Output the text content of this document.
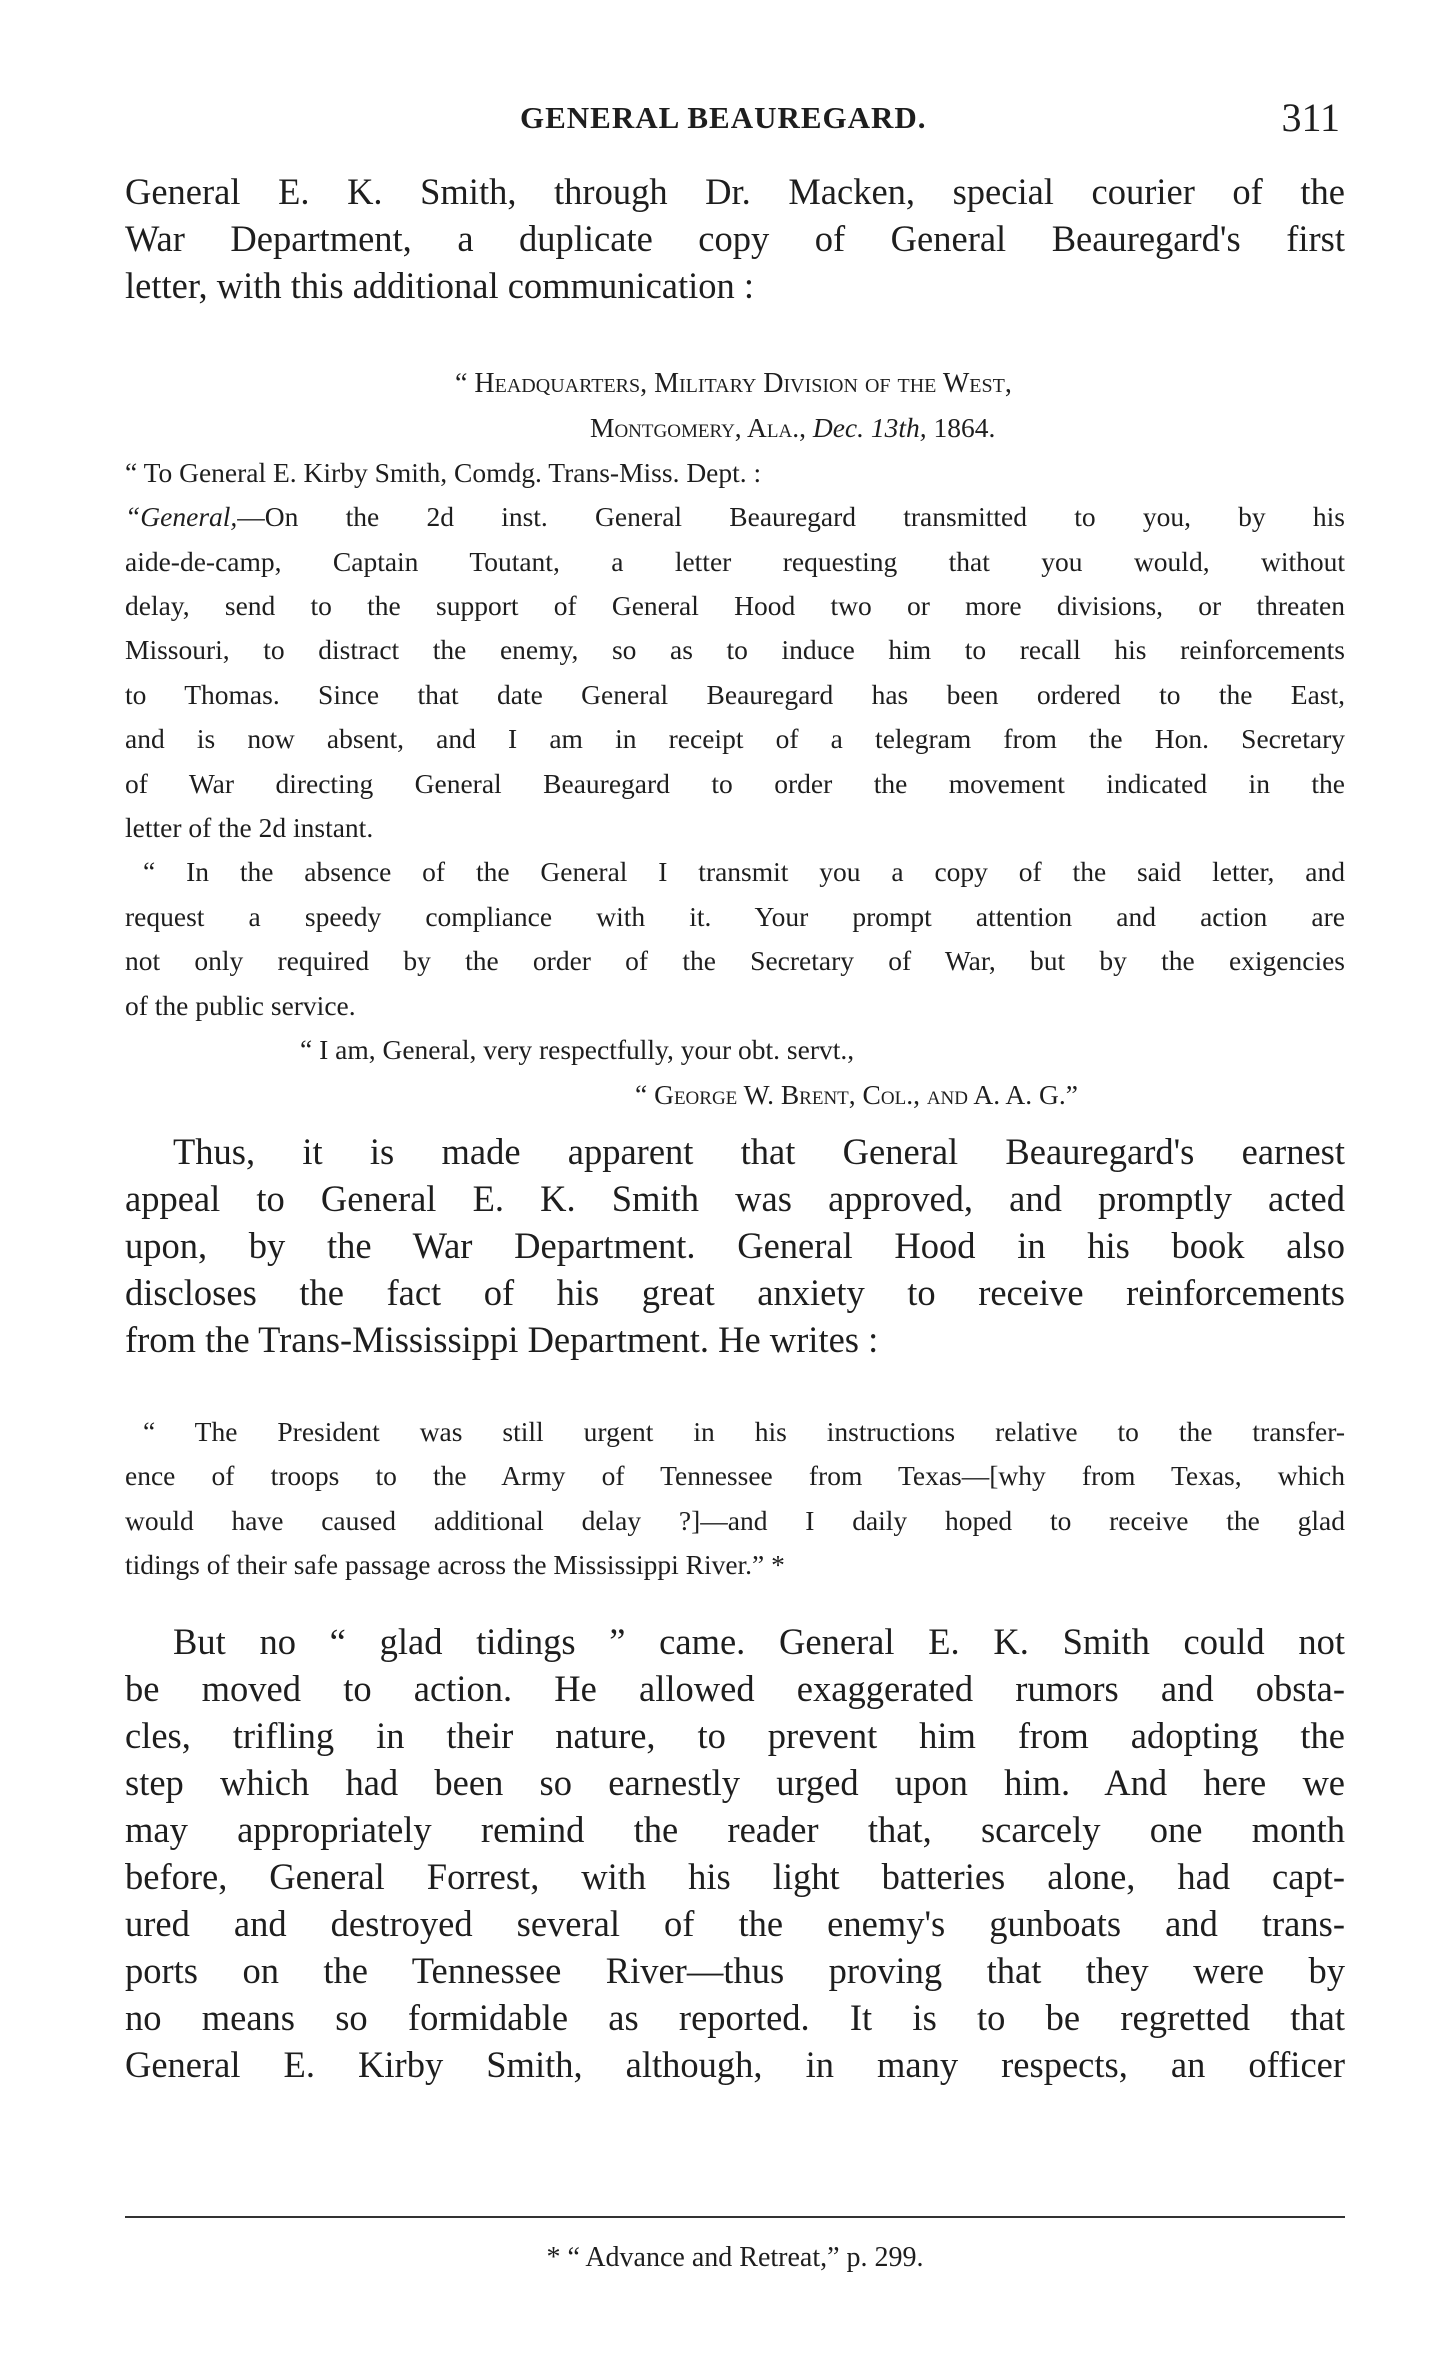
GENERAL BEAUREGARD.	311
General E. K. Smith, through Dr. Macken, special courier of the
War Department, a duplicate copy of General Beauregard's first
letter, with this additional communication :
“ Headquarters, Military Division of the West,
Montgomery, Ala., Dec. 13th, 1864.
“ To General E. Kirby Smith, Comdg. Trans-Miss. Dept. :
“General,—On the 2d inst. General Beauregard transmitted to you, by his
aide-de-camp, Captain Toutant, a letter requesting that you would, without
delay, send to the support of General Hood two or more divisions, or threaten
Missouri, to distract the enemy, so as to induce him to recall his reinforcements
to Thomas. Since that date General Beauregard has been ordered to the East,
and is now absent, and I am in receipt of a telegram from the Hon. Secretary
of War directing General Beauregard to order the movement indicated in the
letter of the 2d instant.
“ In the absence of the General I transmit you a copy of the said letter, and
request a speedy compliance with it. Your prompt attention and action are
not only required by the order of the Secretary of War, but by the exigencies
of the public service.
“ I am, General, very respectfully, your obt. servt.,
“ George W. Brent, Col., and A. A. G.”
Thus, it is made apparent that General Beauregard's earnest
appeal to General E. K. Smith was approved, and promptly acted
upon, by the War Department. General Hood in his book also
discloses the fact of his great anxiety to receive reinforcements
from the Trans-Mississippi Department. He writes :
“ The President was still urgent in his instructions relative to the transfer-
ence of troops to the Army of Tennessee from Texas—[why from Texas, which
would have caused additional delay ?]—and I daily hoped to receive the glad
tidings of their safe passage across the Mississippi River.” *
But no “ glad tidings ” came. General E. K. Smith could not
be moved to action. He allowed exaggerated rumors and obsta-
cles, trifling in their nature, to prevent him from adopting the
step which had been so earnestly urged upon him. And here we
may appropriately remind the reader that, scarcely one month
before, General Forrest, with his light batteries alone, had capt-
ured and destroyed several of the enemy's gunboats and trans-
ports on the Tennessee River—thus proving that they were by
no means so formidable as reported. It is to be regretted that
General E. Kirby Smith, although, in many respects, an officer
* “ Advance and Retreat,” p. 299.
